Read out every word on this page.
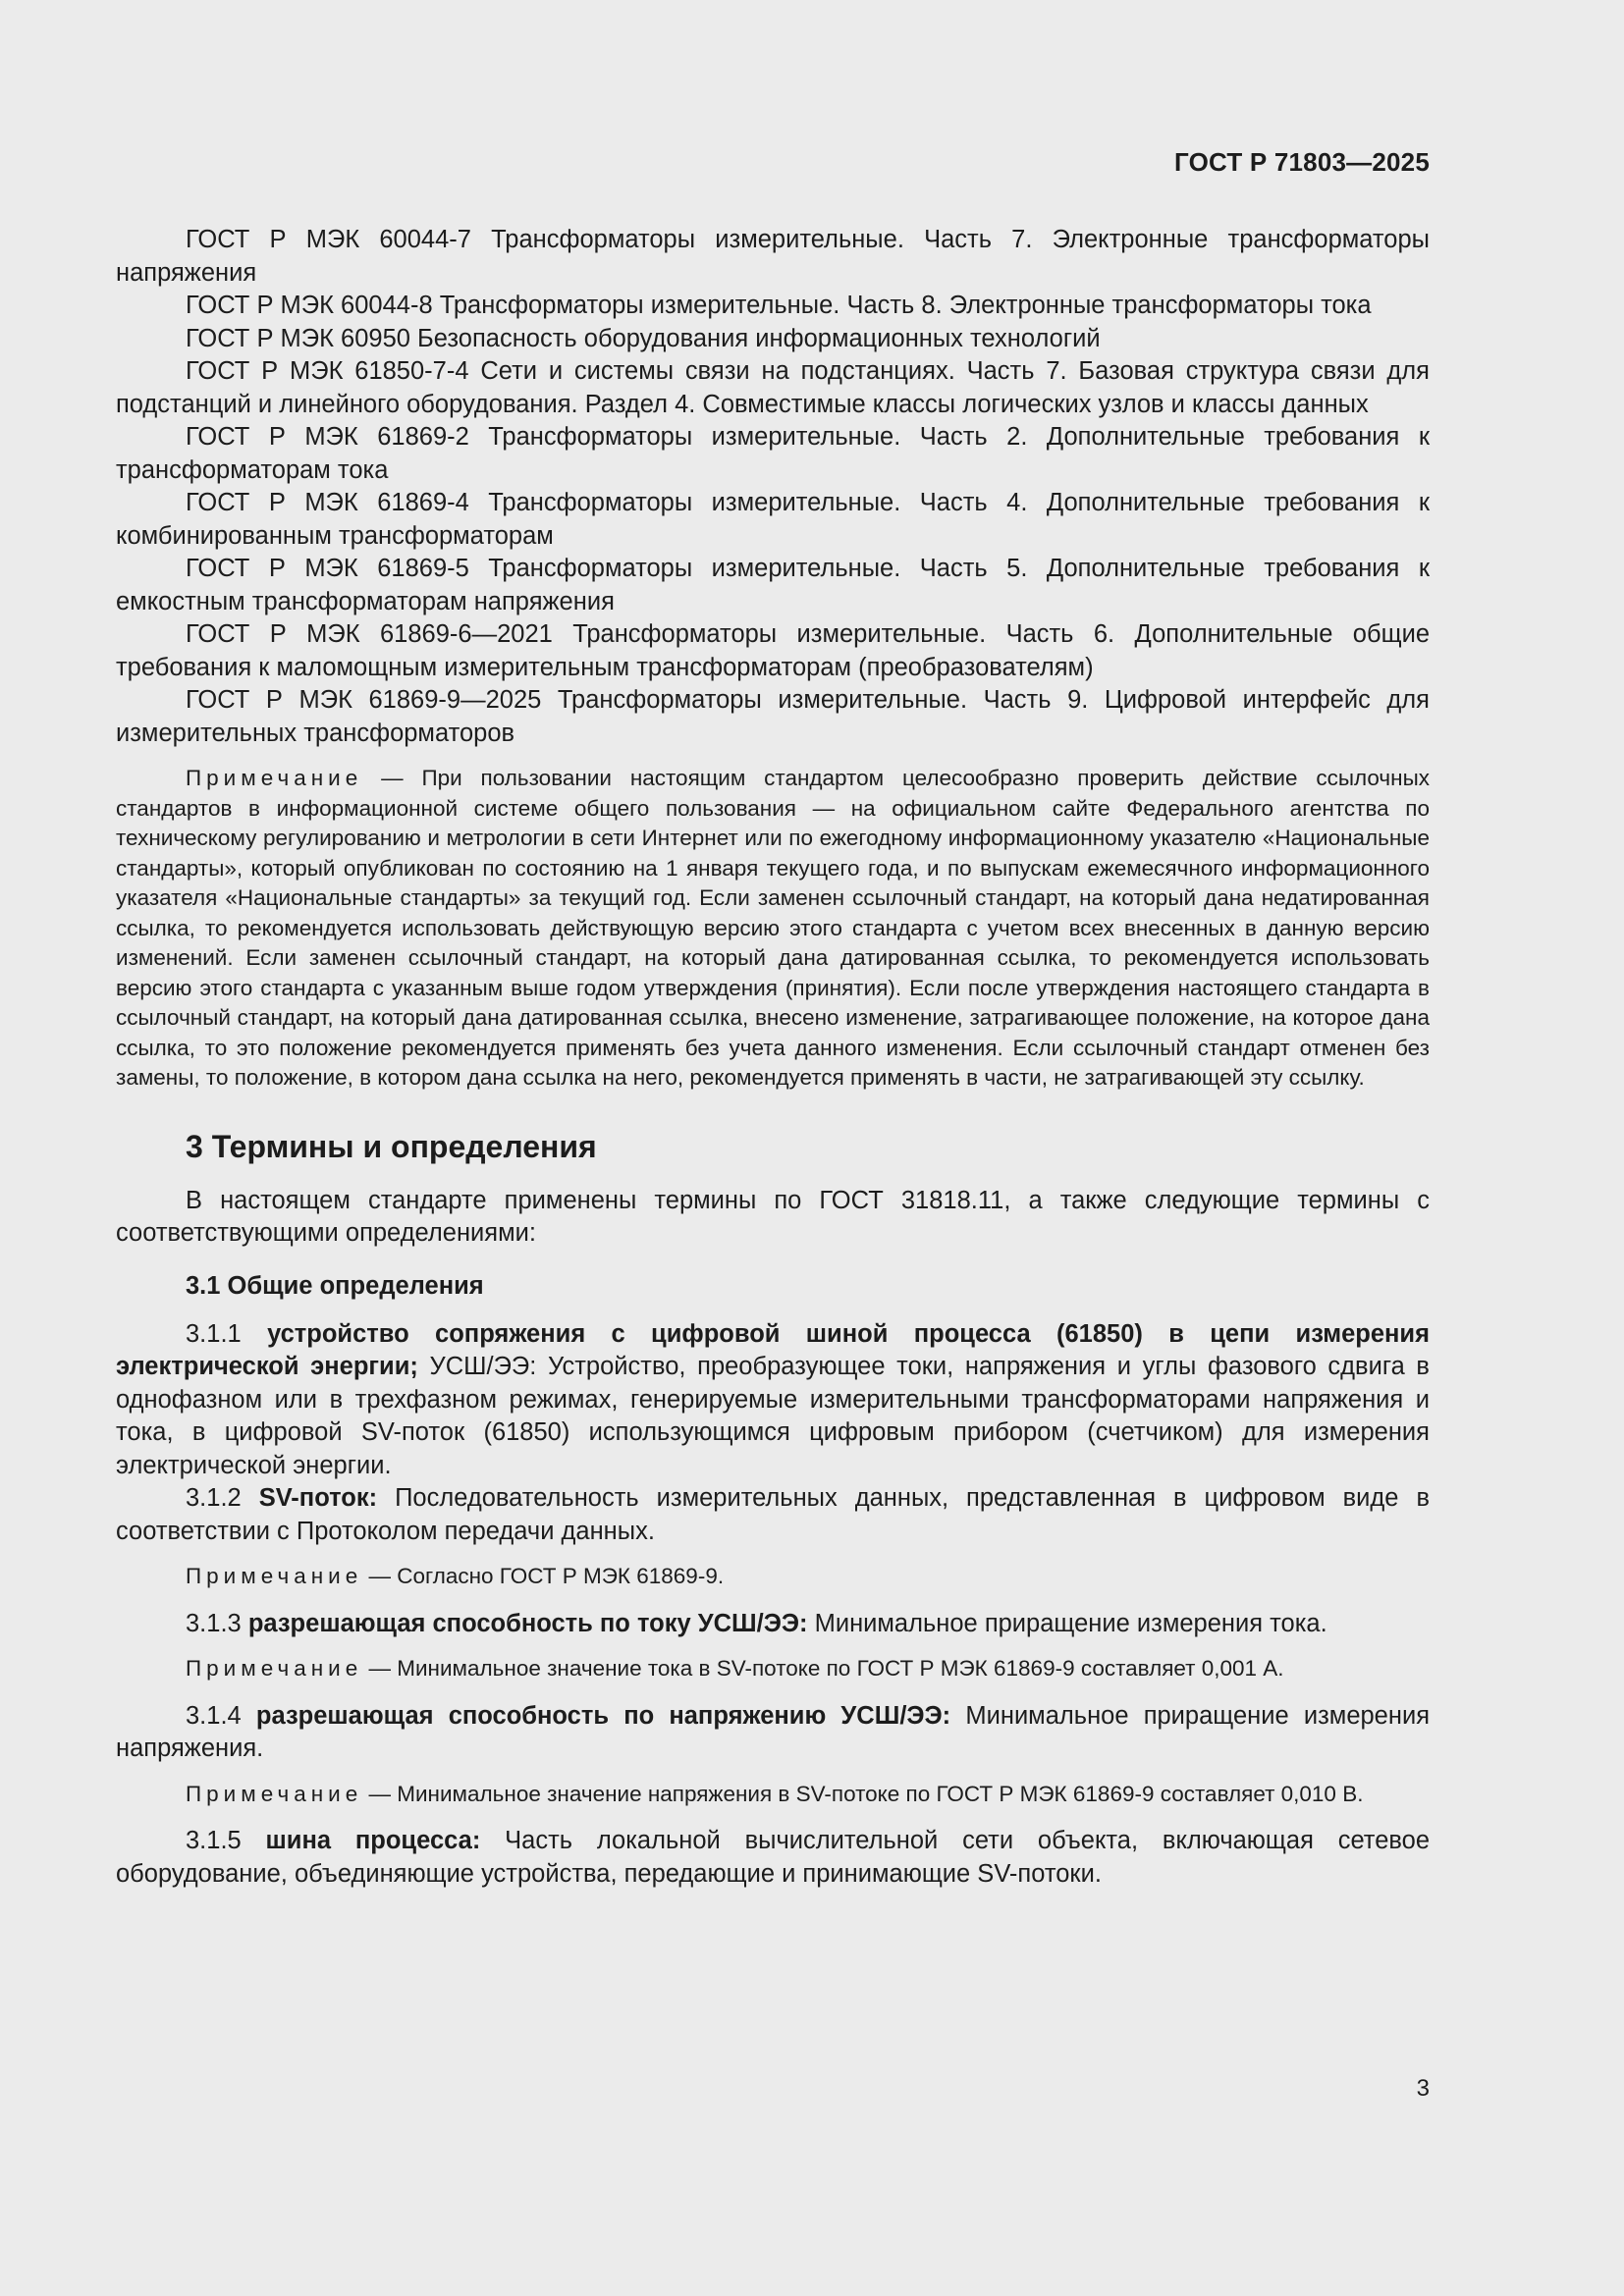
ГОСТ Р 71803—2025

ГОСТ Р МЭК 60044-7 Трансформаторы измерительные. Часть 7. Электронные трансформаторы напряжения

ГОСТ Р МЭК 60044-8 Трансформаторы измерительные. Часть 8. Электронные трансформаторы тока

ГОСТ Р МЭК 60950 Безопасность оборудования информационных технологий

ГОСТ Р МЭК 61850-7-4 Сети и системы связи на подстанциях. Часть 7. Базовая структура связи для подстанций и линейного оборудования. Раздел 4. Совместимые классы логических узлов и классы данных

ГОСТ Р МЭК 61869-2 Трансформаторы измерительные. Часть 2. Дополнительные требования к трансформаторам тока

ГОСТ Р МЭК 61869-4 Трансформаторы измерительные. Часть 4. Дополнительные требования к комбинированным трансформаторам

ГОСТ Р МЭК 61869-5 Трансформаторы измерительные. Часть 5. Дополнительные требования к емкостным трансформаторам напряжения

ГОСТ Р МЭК 61869-6—2021 Трансформаторы измерительные. Часть 6. Дополнительные общие требования к маломощным измерительным трансформаторам (преобразователям)

ГОСТ Р МЭК 61869-9—2025 Трансформаторы измерительные. Часть 9. Цифровой интерфейс для измерительных трансформаторов

Примечание — При пользовании настоящим стандартом целесообразно проверить действие ссылочных стандартов в информационной системе общего пользования — на официальном сайте Федерального агентства по техническому регулированию и метрологии в сети Интернет или по ежегодному информационному указателю «Национальные стандарты», который опубликован по состоянию на 1 января текущего года, и по выпускам ежемесячного информационного указателя «Национальные стандарты» за текущий год. Если заменен ссылочный стандарт, на который дана недатированная ссылка, то рекомендуется использовать действующую версию этого стандарта с учетом всех внесенных в данную версию изменений. Если заменен ссылочный стандарт, на который дана датированная ссылка, то рекомендуется использовать версию этого стандарта с указанным выше годом утверждения (принятия). Если после утверждения настоящего стандарта в ссылочный стандарт, на который дана датированная ссылка, внесено изменение, затрагивающее положение, на которое дана ссылка, то это положение рекомендуется применять без учета данного изменения. Если ссылочный стандарт отменен без замены, то положение, в котором дана ссылка на него, рекомендуется применять в части, не затрагивающей эту ссылку.

3 Термины и определения

В настоящем стандарте применены термины по ГОСТ 31818.11, а также следующие термины с соответствующими определениями:

3.1 Общие определения

3.1.1 устройство сопряжения с цифровой шиной процесса (61850) в цепи измерения электрической энергии; УСШ/ЭЭ: Устройство, преобразующее токи, напряжения и углы фазового сдвига в однофазном или в трехфазном режимах, генерируемые измерительными трансформаторами напряжения и тока, в цифровой SV-поток (61850) использующимся цифровым прибором (счетчиком) для измерения электрической энергии.

3.1.2 SV-поток: Последовательность измерительных данных, представленная в цифровом виде в соответствии с Протоколом передачи данных.

Примечание — Согласно ГОСТ Р МЭК 61869-9.

3.1.3 разрешающая способность по току УСШ/ЭЭ: Минимальное приращение измерения тока.

Примечание — Минимальное значение тока в SV-потоке по ГОСТ Р МЭК 61869-9 составляет 0,001 А.

3.1.4 разрешающая способность по напряжению УСШ/ЭЭ: Минимальное приращение измерения напряжения.

Примечание — Минимальное значение напряжения в SV-потоке по ГОСТ Р МЭК 61869-9 составляет 0,010 В.

3.1.5 шина процесса: Часть локальной вычислительной сети объекта, включающая сетевое оборудование, объединяющие устройства, передающие и принимающие SV-потоки.

3
